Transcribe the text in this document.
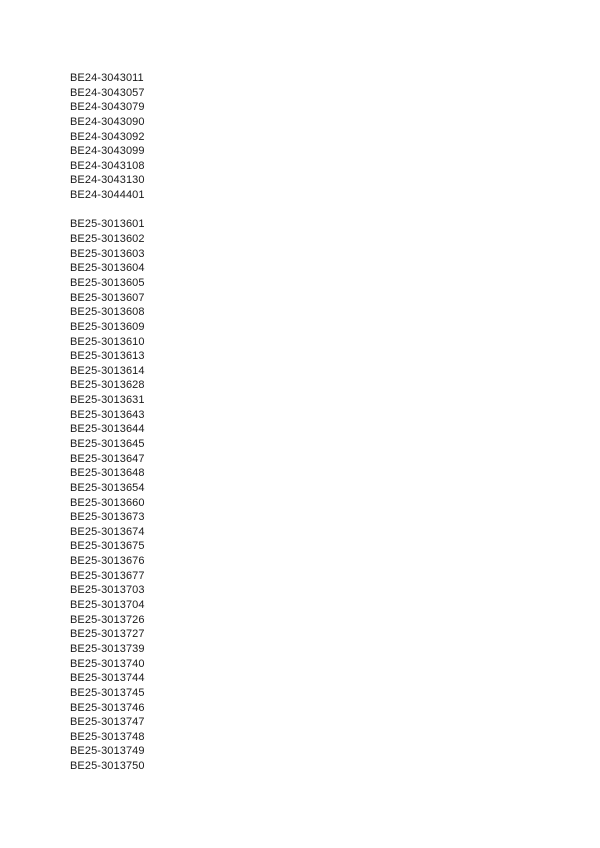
BE24-3043011
BE24-3043057
BE24-3043079
BE24-3043090
BE24-3043092
BE24-3043099
BE24-3043108
BE24-3043130
BE24-3044401
BE25-3013601
BE25-3013602
BE25-3013603
BE25-3013604
BE25-3013605
BE25-3013607
BE25-3013608
BE25-3013609
BE25-3013610
BE25-3013613
BE25-3013614
BE25-3013628
BE25-3013631
BE25-3013643
BE25-3013644
BE25-3013645
BE25-3013647
BE25-3013648
BE25-3013654
BE25-3013660
BE25-3013673
BE25-3013674
BE25-3013675
BE25-3013676
BE25-3013677
BE25-3013703
BE25-3013704
BE25-3013726
BE25-3013727
BE25-3013739
BE25-3013740
BE25-3013744
BE25-3013745
BE25-3013746
BE25-3013747
BE25-3013748
BE25-3013749
BE25-3013750
